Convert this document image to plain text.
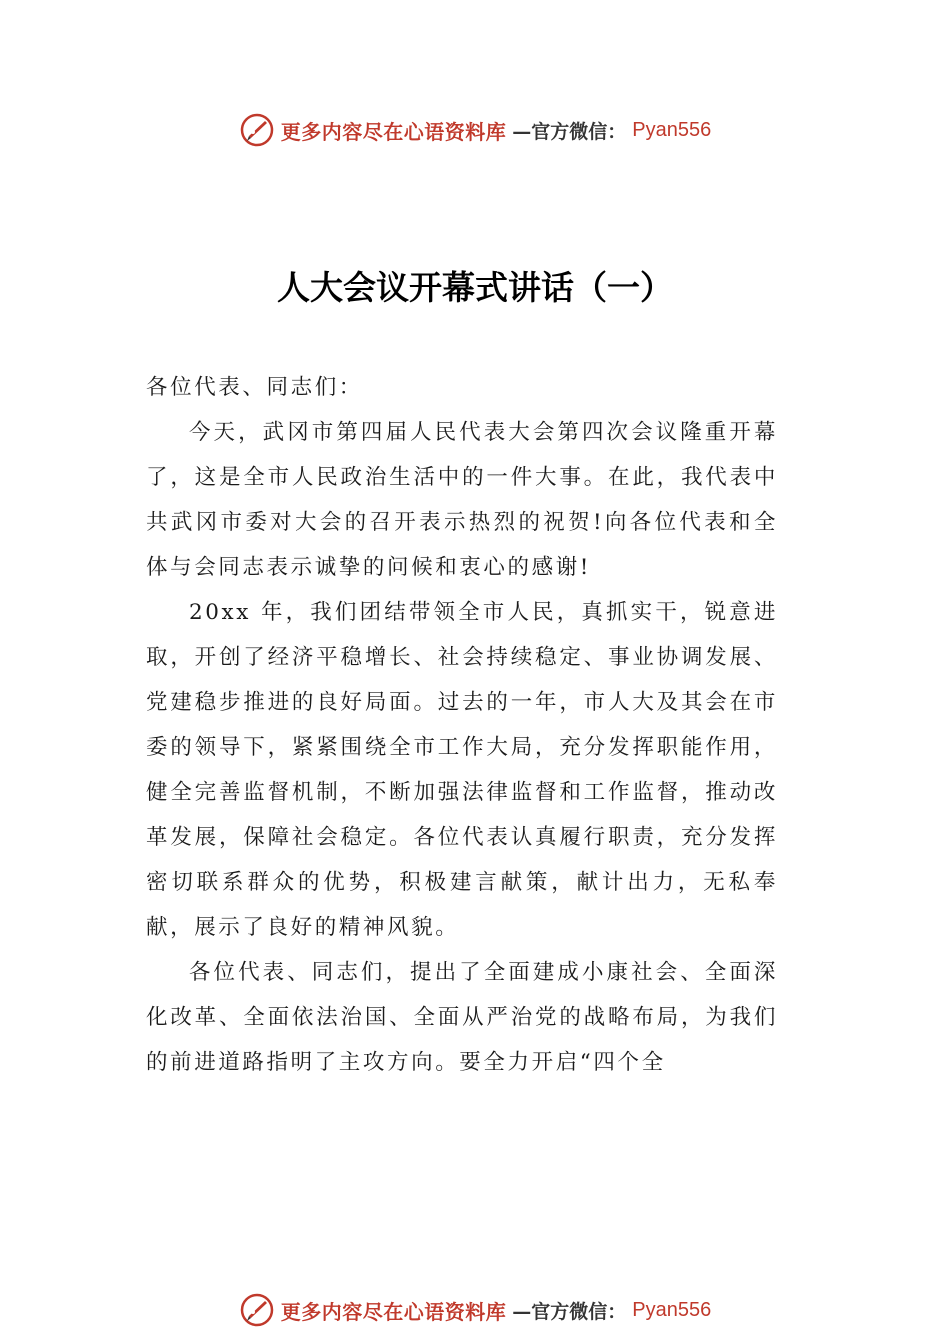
更多内容尽在心语资料库 —官方微信： Pyan556
人大会议开幕式讲话（一）

各位代表、同志们：

今天，武冈市第四届人民代表大会第四次会议隆重开幕了，这是全市人民政治生活中的一件大事。在此，我代表中共武冈市委对大会的召开表示热烈的祝贺!向各位代表和全体与会同志表示诚挚的问候和衷心的感谢!

20xx 年，我们团结带领全市人民，真抓实干，锐意进取，开创了经济平稳增长、社会持续稳定、事业协调发展、党建稳步推进的良好局面。过去的一年，市人大及其会在市委的领导下，紧紧围绕全市工作大局，充分发挥职能作用，健全完善监督机制，不断加强法律监督和工作监督，推动改革发展，保障社会稳定。各位代表认真履行职责，充分发挥密切联系群众的优势，积极建言献策，献计出力，无私奉献，展示了良好的精神风貌。

各位代表、同志们，提出了全面建成小康社会、全面深化改革、全面依法治国、全面从严治党的战略布局，为我们的前进道路指明了主攻方向。要全力开启“四个全

更多内容尽在心语资料库 —官方微信： Pyan556
